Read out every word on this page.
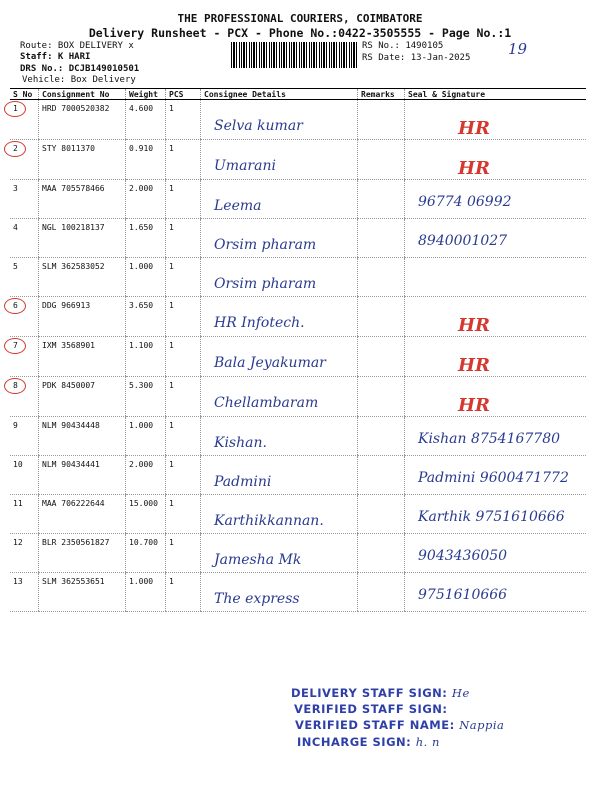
THE PROFESSIONAL COURIERS, COIMBATORE
Delivery Runsheet - PCX - Phone No.:0422-3505555 - Page No.:1
Route: BOX DELIVERY x
Staff: K HARI
DRS No.: DCJB149010501
Vehicle: Box Delivery
RS No.: 1490105
RS Date: 13-Jan-2025	19
S No	Consignment No	Weight	PCS	Consignee Details	Remarks	Seal & Signature

1	HRD 7000520382	4.600	1	Selva kumar		HR

2	STY 8011370	0.910	1	Umarani		HR

3	MAA 705578466	2.000	1	Leema		96774 06992

4	NGL 100218137	1.650	1	Orsim pharam		8940001027

5	SLM 362583052	1.000	1	Orsim pharam		

6	DDG 966913	3.650	1	HR Infotech.		HR

7	IXM 3568901	1.100	1	Bala Jeyakumar		HR

8	PDK 8450007	5.300	1	Chellambaram		HR

9	NLM 90434448	1.000	1	Kishan.		Kishan 8754167780

10	NLM 90434441	2.000	1	Padmini		Padmini 9600471772

11	MAA 706222644	15.000	1	Karthikkannan.		Karthik 9751610666

12	BLR 2350561827	10.700	1	Jamesha Mk		9043436050

13	SLM 362553651	1.000	1	The express		9751610666
DELIVERY STAFF SIGN: He
VERIFIED STAFF SIGN:
VERIFIED STAFF NAME: Nappia
INCHARGE SIGN: h. n
